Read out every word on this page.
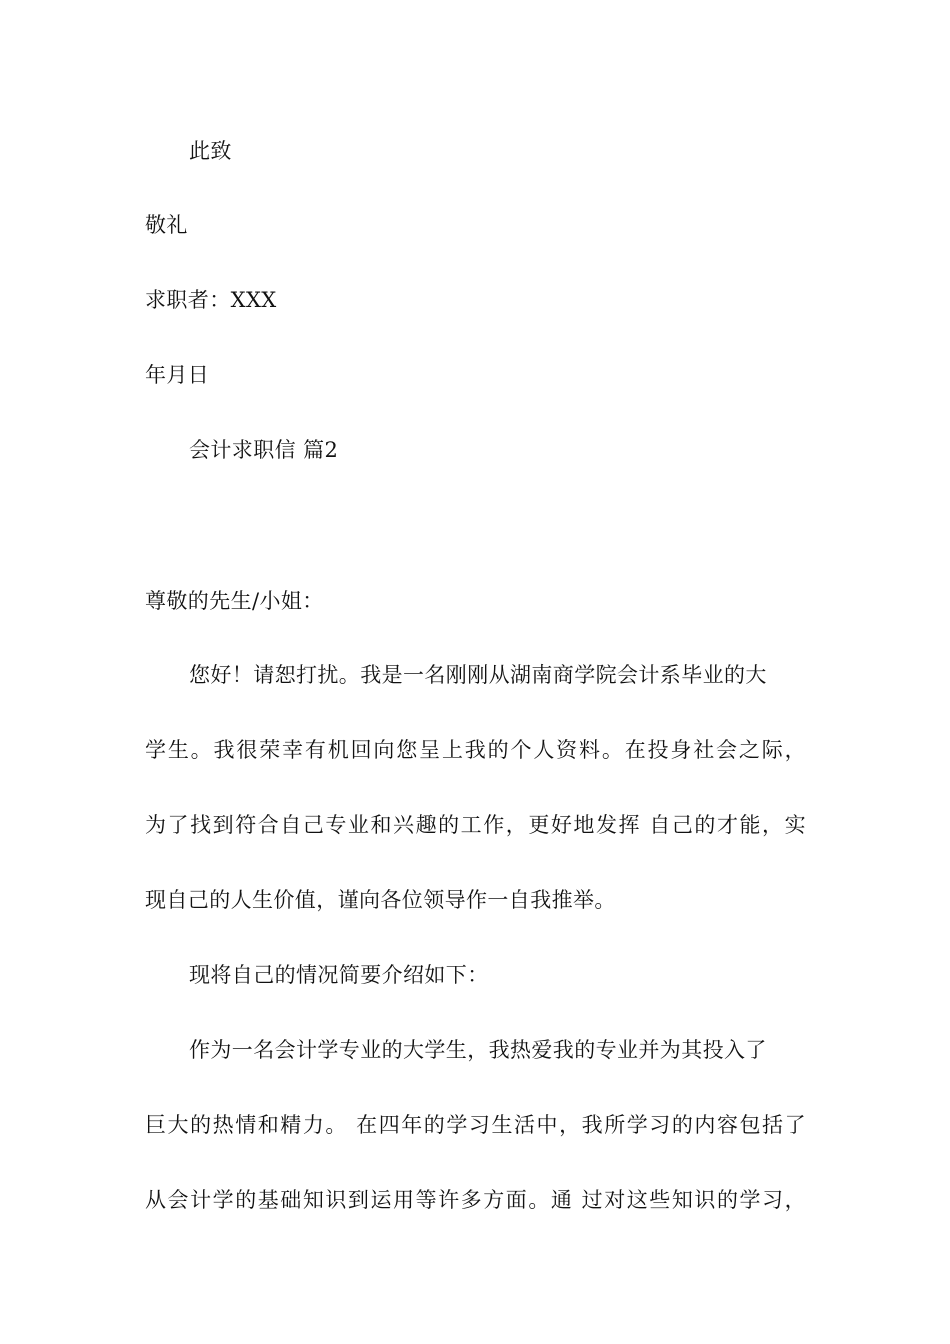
此致
敬礼
求职者：XXX
年月日
会计求职信 篇2
尊敬的先生/小姐：
您好！请恕打扰。我是一名刚刚从湖南商学院会计系毕业的大
学生。我很荣幸有机回向您呈上我的个人资料。在投身社会之际，
为了找到符合自己专业和兴趣的工作，更好地发挥 自己的才能，实
现自己的人生价值，谨向各位领导作一自我推举。
现将自己的情况简要介绍如下：
作为一名会计学专业的大学生，我热爱我的专业并为其投入了
巨大的热情和精力。 在四年的学习生活中，我所学习的内容包括了
从会计学的基础知识到运用等许多方面。通 过对这些知识的学习，
